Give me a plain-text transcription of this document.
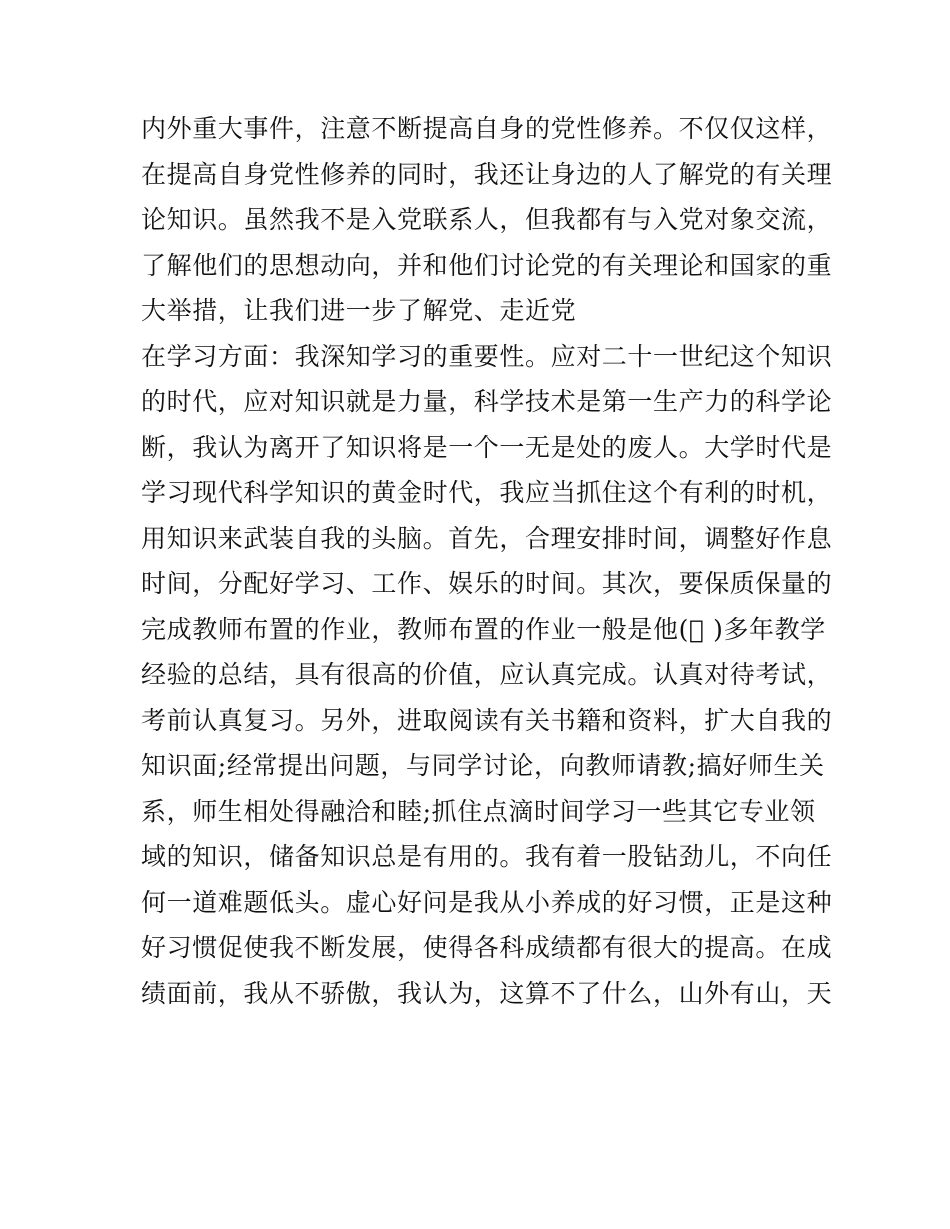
内外重大事件，注意不断提高自身的党性修养。不仅仅这样，
在提高自身党性修养的同时，我还让身边的人了解党的有关理
论知识。虽然我不是入党联系人，但我都有与入党对象交流，
了解他们的思想动向，并和他们讨论党的有关理论和国家的重
大举措，让我们进一步了解党、走近党
在学习方面：我深知学习的重要性。应对二十一世纪这个知识
的时代，应对知识就是力量，科学技术是第一生产力的科学论
断，我认为离开了知识将是一个一无是处的废人。大学时代是
学习现代科学知识的黄金时代，我应当抓住这个有利的时机，
用知识来武装自我的头脑。首先，合理安排时间，调整好作息
时间，分配好学习、工作、娱乐的时间。其次，要保质保量的
完成教师布置的作业，教师布置的作业一般是他(  )多年教学
经验的总结，具有很高的价值，应认真完成。认真对待考试，
考前认真复习。另外，进取阅读有关书籍和资料，扩大自我的
知识面;经常提出问题，与同学讨论，向教师请教;搞好师生关
系，师生相处得融洽和睦;抓住点滴时间学习一些其它专业领
域的知识，储备知识总是有用的。我有着一股钻劲儿，不向任
何一道难题低头。虚心好问是我从小养成的好习惯，正是这种
好习惯促使我不断发展，使得各科成绩都有很大的提高。在成
绩面前，我从不骄傲，我认为，这算不了什么，山外有山，天
